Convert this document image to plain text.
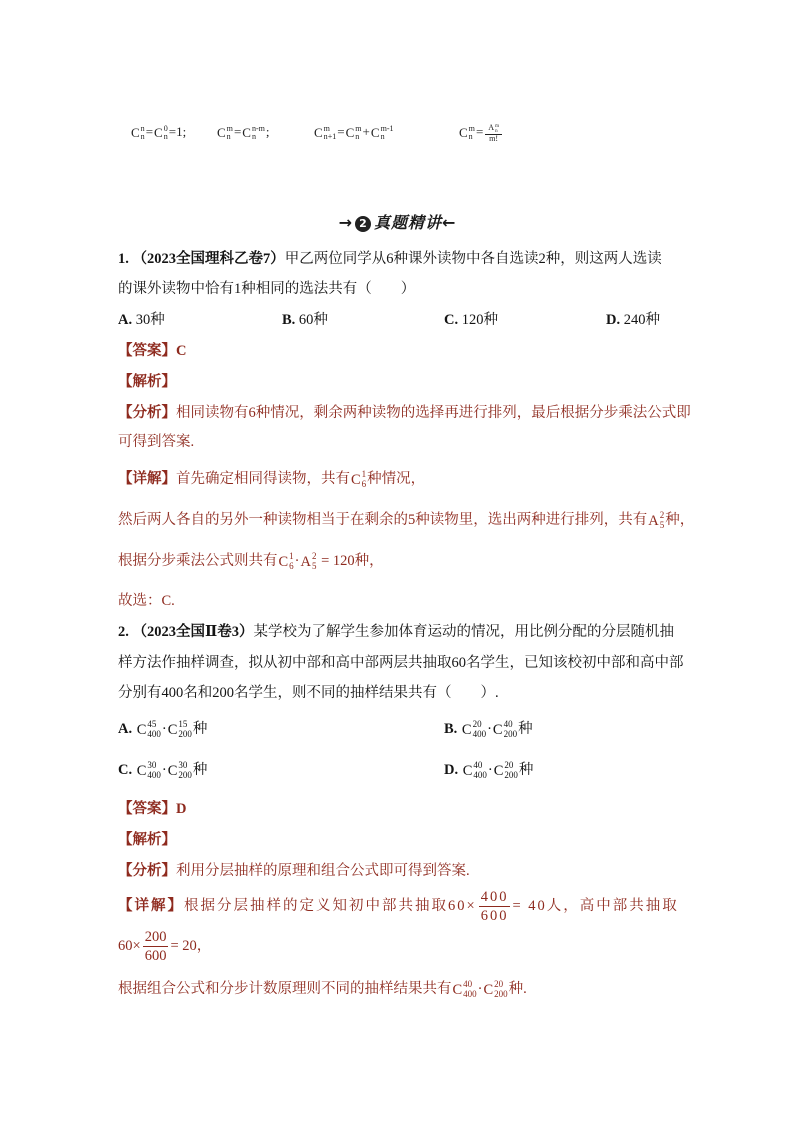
C n
n = C 0
n =1; C m
n = C n-m
n ;	C m
n+1 = C m
n + C m-1
n	C m
n = A m
n
m!
→ 2 真题精讲←
1. （2023全国理科乙卷7）甲乙两位同学从6种课外读物中各自选读2种，则这两人选读
的课外读物中恰有1种相同的选法共有（　　）
A. 30种	B. 60种	C. 120种	D. 240种
【答案】C
【解析】
【分析】相同读物有6种情况，剩余两种读物的选择再进行排列，最后根据分步乘法公式即
可得到答案.
【详解】首先确定相同得读物，共有 C 1
6 种情况，
然后两人各自的另外一种读物相当于在剩余的5种读物里，选出两种进行排列，共有 A 2
5 种，
根据分步乘法公式则共有 C 1
6 · A 2
5 = 120种，
故选：C.
2. （2023全国Ⅱ卷3）某学校为了解学生参加体育运动的情况，用比例分配的分层随机抽
样方法作抽样调查，拟从初中部和高中部两层共抽取60名学生，已知该校初中部和高中部
分别有400名和200名学生，则不同的抽样结果共有（　　）.
A. C 45
400 · C 15
200 种	B. C 20
400 · C 40
200 种
C. C 30
400 · C 30
200 种	D. C 40
400 · C 20
200 种
【答案】D
【解析】
【分析】利用分层抽样的原理和组合公式即可得到答案.
【详解】根据分层抽样的定义知初中部共抽取$60\times \frac{400}{600} = 40$人，高中部共抽取
$60\times \frac{200}{600} = 20$，
根据组合公式和分步计数原理则不同的抽样结果共有 C 40
400 · C 20
200 种.
